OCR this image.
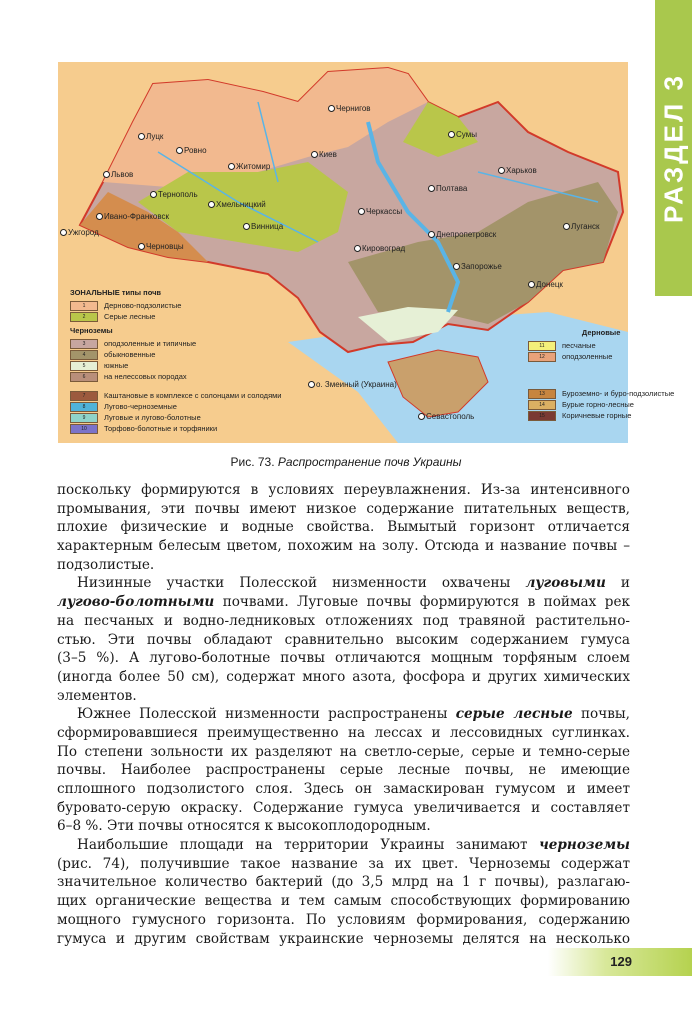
РАЗДЕЛ 3
Ужгород
Ивано-Франковск
Черновцы
Львов
Луцк
Ровно
Тернополь
Хмельницкий
Житомир
Киев
Винница
Чернигов
Сумы
Полтава
Харьков
Черкассы
Кировоград
Днепропетровск
Запорожье
Донецк
Луганск
Севастополь
о. Змеиный (Украина)
ЗОНАЛЬНЫЕ типы почв
1	Дерново-подзолистые
2	Серые лесные
Черноземы
3	оподзоленные и типичные
4	обыкновенные
5	южные
6	на нелессовых породах
7	Каштановые в комплексе с солонцами и солодями
8	Лугово-черноземные
9	Луговые и лугово-болотные
10	Торфово-болотные и торфяники
Дерновые
11	песчаные
12	оподзоленные
13	Буроземно- и буро-подзолистые
14	Бурые горно-лесные
15	Коричневые горные
Рис. 73. Распространение почв Украины
поскольку формируются в условиях переувлажнения. Из-за интенсивного
промывания, эти почвы имеют низкое содержание питательных веществ,
плохие физические и водные свойства. Вымытый горизонт отличается
характерным белесым цветом, похожим на золу. Отсюда и название почвы –
подзолистые.
Низинные участки Полесской низменности охвачены луговыми и
лугово-болотными почвами. Луговые почвы формируются в поймах рек
на песчаных и водно-ледниковых отложениях под травяной растительно-
стью. Эти почвы обладают сравнительно высоким содержанием гумуса
(3–5 %). А лугово-болотные почвы отличаются мощным торфяным слоем
(иногда более 50 см), содержат много азота, фосфора и других химических
элементов.
Южнее Полесской низменности распространены серые лесные почвы,
сформировавшиеся преимущественно на лессах и лессовидных суглинках.
По степени зольности их разделяют на светло-серые, серые и темно-серые
почвы. Наиболее распространены серые лесные почвы, не имеющие
сплошного подзолистого слоя. Здесь он замаскирован гумусом и имеет
буровато-серую окраску. Содержание гумуса увеличивается и составляет
6–8 %. Эти почвы относятся к высокоплодородным.
Наибольшие площади на территории Украины занимают черноземы
(рис. 74), получившие такое название за их цвет. Черноземы содержат
значительное количество бактерий (до 3,5 млрд на 1 г почвы), разлагаю-
щих органические вещества и тем самым способствующих формированию
мощного гумусного горизонта. По условиям формирования, содержанию
гумуса и другим свойствам украинские черноземы делятся на несколько
129
